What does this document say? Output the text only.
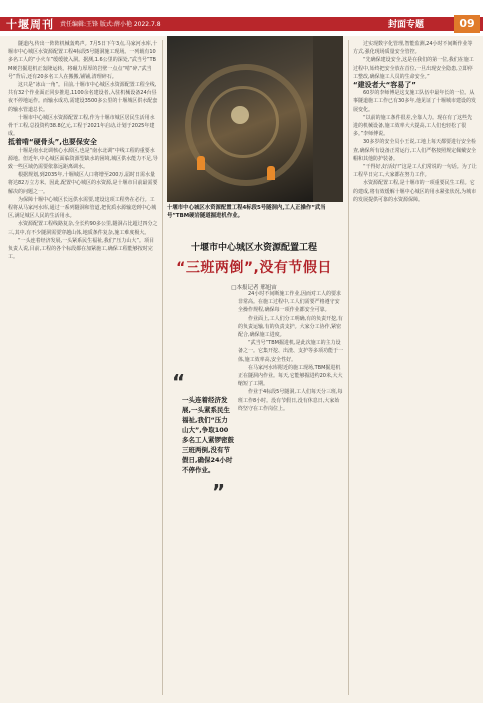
十堰周刊 责任编辑:王锋 版式:薛小艳 2022.7.8	封面专题	09

隧道内,传出一阵阵机械轰鸣声。7月5日下午3点,马家河水库,十堰市中心城区水资源配置工程4标段5号隧洞施工现场。一列载有10多名工人的“小火车”缓缓驶入洞。据测,1.6公里的深处,“武当号”TBM硬岩掘进机正轰隆运转。将碾力厚厚的岩壁一点点“啃”碎,“武当号”背后,还有20多名工人在搬搬,铺铺,清理碎石。

这只是“冰山一角”。目前,十堰市中心城区水资源配置工程全线,共有32个作业面正同步推进,1100余名建设者,入驻机械设备24台昼夜不停地运作。而输水成功,需建设3500多公里的十堰城区供水配套的输水管道总长。

十堰市中心城区水资源配置工程,作为十堰市城区居民生活用水骨干工程,总投资约38.8亿元,工程于2021年启动,计划于2025年建成。

抵着啃“硬骨头”,也要保安全

十堰是南水北调核心水源区,也是“南水北调”中线工程的重要水源地。但近年,中心城区面临资源型缺水的困境,城区供水能力不足,导致一些区域仍需要依靠远距离调水。

根据规划,到2035年,十堰城区人口将增至200万,届时日需水量将达82万立方米。因此,配置中心城区的水资源,是十堰市目前最需要解决的问题之一。

为保障十堰中心城区长远供水需要,建设这项工程势在必行。工程将从马家河水库,通过一系列隧洞和管道,把优质水源输送到中心城区,满足城区人民的生活用水。

水资源配置工程线路复杂,全长约90多公里,隧洞占比超过四分之三,其中,有不少隧洞需要穿越山体,地质条件复杂,施工难度极大。

“一头连着经济发展,一头紧系民生福祉,我们“压力山大”。项目负责人说,目前,工程的各个标段都在加紧施工,确保工程能够按时完工。

十堰市中心城区水资源配置工程4标段5号隧洞内,工人正操作“武当号”TBM硬岩隧道掘进机作业。
十堰市中心城区水资源配置工程
“三班两倒”,没有节假日
□本报记者 邢旭宙
“
一头连着经济发展,一头紧系民生福祉,我们“压力山大”,争取100多名工人紧锣密鼓三班两倒,没有节假日,确保24小时不停作业。
”

24小时不间断施工作业,因而对工人的要求非常高。在施工过程中,工人们需要严格遵守安全操作规程,确保每一项作业都安全可靠。

作业面上,工人们分工明确,有的负责开挖,有的负责运输,有的负责支护。大家分工协作,紧密配合,确保施工进度。

“武当号”TBM掘进机,是此次施工的主力设备之一。它集开挖、出渣、支护等多项功能于一体,施工效率高,安全性好。

在马家河水库附近的施工现场,TBM掘进机正在隧洞内作业。每天,它能够掘进约20米,大大缩短了工期。

作业于4标段5号隧洞,工人们每天分三班,每班工作8小时。没有节假日,没有休息日,大家始终坚守在工作岗位上。

过实现数字化管理,智能监测,24小时不间断作业等方式,强化现场质量安全管控。

“先确保建设安全,这是在我们的第一位,我们在施工过程中,始终把安全放在首位,一旦出现安全隐患,立即停工整改,确保施工人员的生命安全。”

“建设者大“容易了”

60岁的李师傅是这支施工队伍中最年长的一位。从事隧道施工工作已有30多年,他见证了十堰城市建设的发展变化。

“以前的施工条件很差,全靠人力。现在有了这些先进的机械设备,施工效率大大提高,工人们也轻松了很多。”李师傅说。

30多岁的安全员小王说,工地上每天都要进行安全检查,确保所有设备正常运行,工人们严格按照规定佩戴安全帽和其他防护装备。

“干得好,好活好!”这是工人们常说的一句话。为了让工程早日完工,大家都在努力工作。

水资源配置工程,是十堰市的一项重要民生工程。它的建成,将有效缓解十堰中心城区的用水紧张状况,为城市的发展提供可靠的水资源保障。
